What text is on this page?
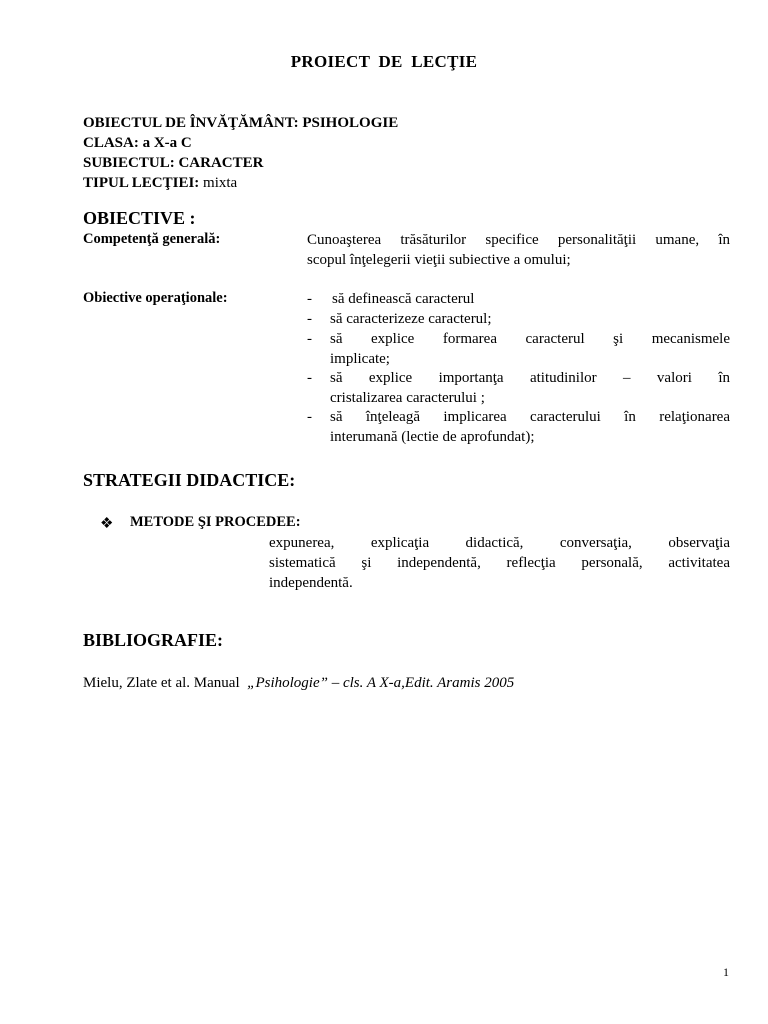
PROIECT DE LECŢIE
OBIECTUL DE ÎNVĂŢĂMÂNT: PSIHOLOGIE
CLASA: a X-a C
SUBIECTUL: CARACTER
TIPUL LECŢIEI: mixta
OBIECTIVE :
Competenţă generală:	Cunoaşterea trăsăturilor specifice personalităţii umane, în
scopul înţelegerii vieţii subiective a omului;
Obiective operaţionale:	- să definească caracterul
- să caracterizeze caracterul;
- să explice formarea caracterul şi mecanismele
implicate;
- să explice importanţa atitudinilor – valori în
cristalizarea caracterului ;
- să înţeleagă implicarea caracterului în relaţionarea
interumană (lectie de aprofundat);
STRATEGII DIDACTICE:
❖ METODE ŞI PROCEDEE:
expunerea, explicaţia didactică, conversaţia, observaţia
sistematică şi independentă, reflecţia personală, activitatea
independentă.
BIBLIOGRAFIE:
Mielu, Zlate et al. Manual  „Psihologie” – cls. A X-a,Edit. Aramis 2005
1
